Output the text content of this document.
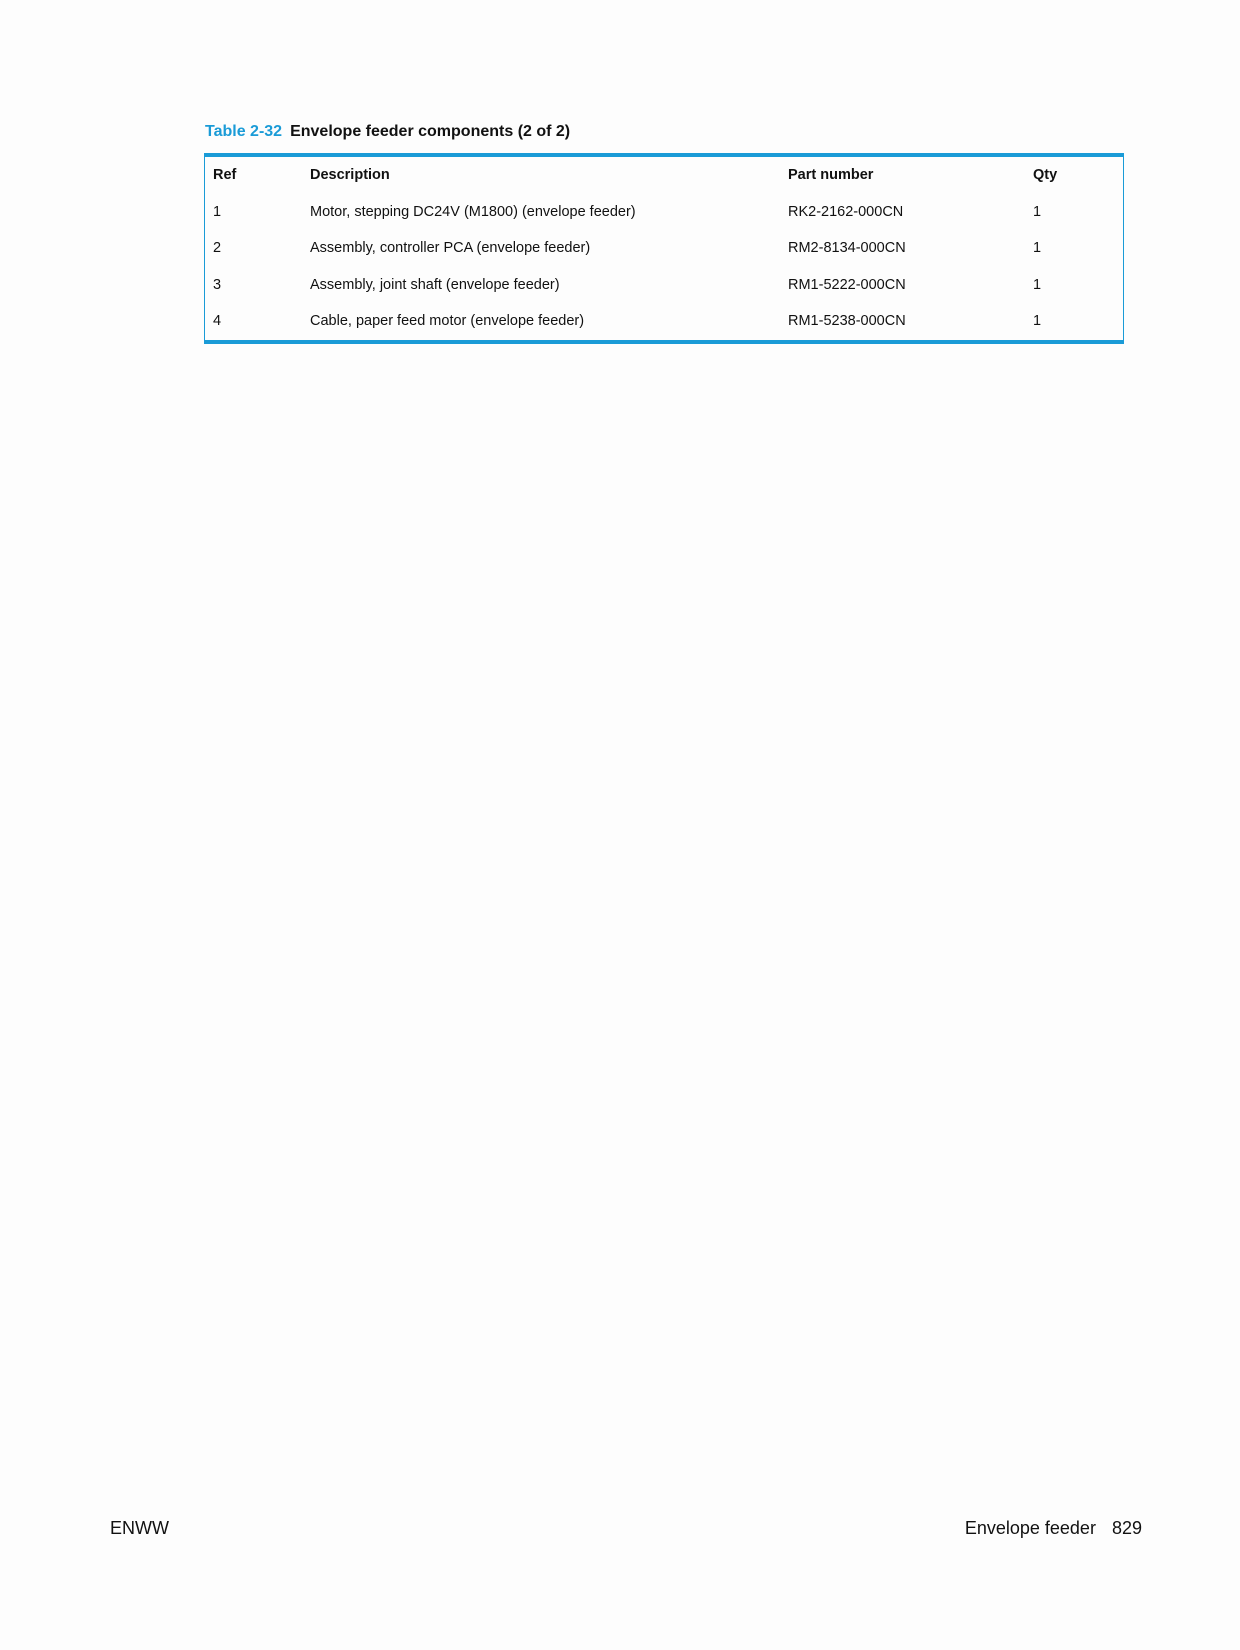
Table 2-32 Envelope feeder components (2 of 2)
Ref	Description	Part number	Qty
1	Motor, stepping DC24V (M1800) (envelope feeder)	RK2-2162-000CN	1
2	Assembly, controller PCA (envelope feeder)	RM2-8134-000CN	1
3	Assembly, joint shaft (envelope feeder)	RM1-5222-000CN	1
4	Cable, paper feed motor (envelope feeder)	RM1-5238-000CN	1
ENWW	Envelope feeder 829
